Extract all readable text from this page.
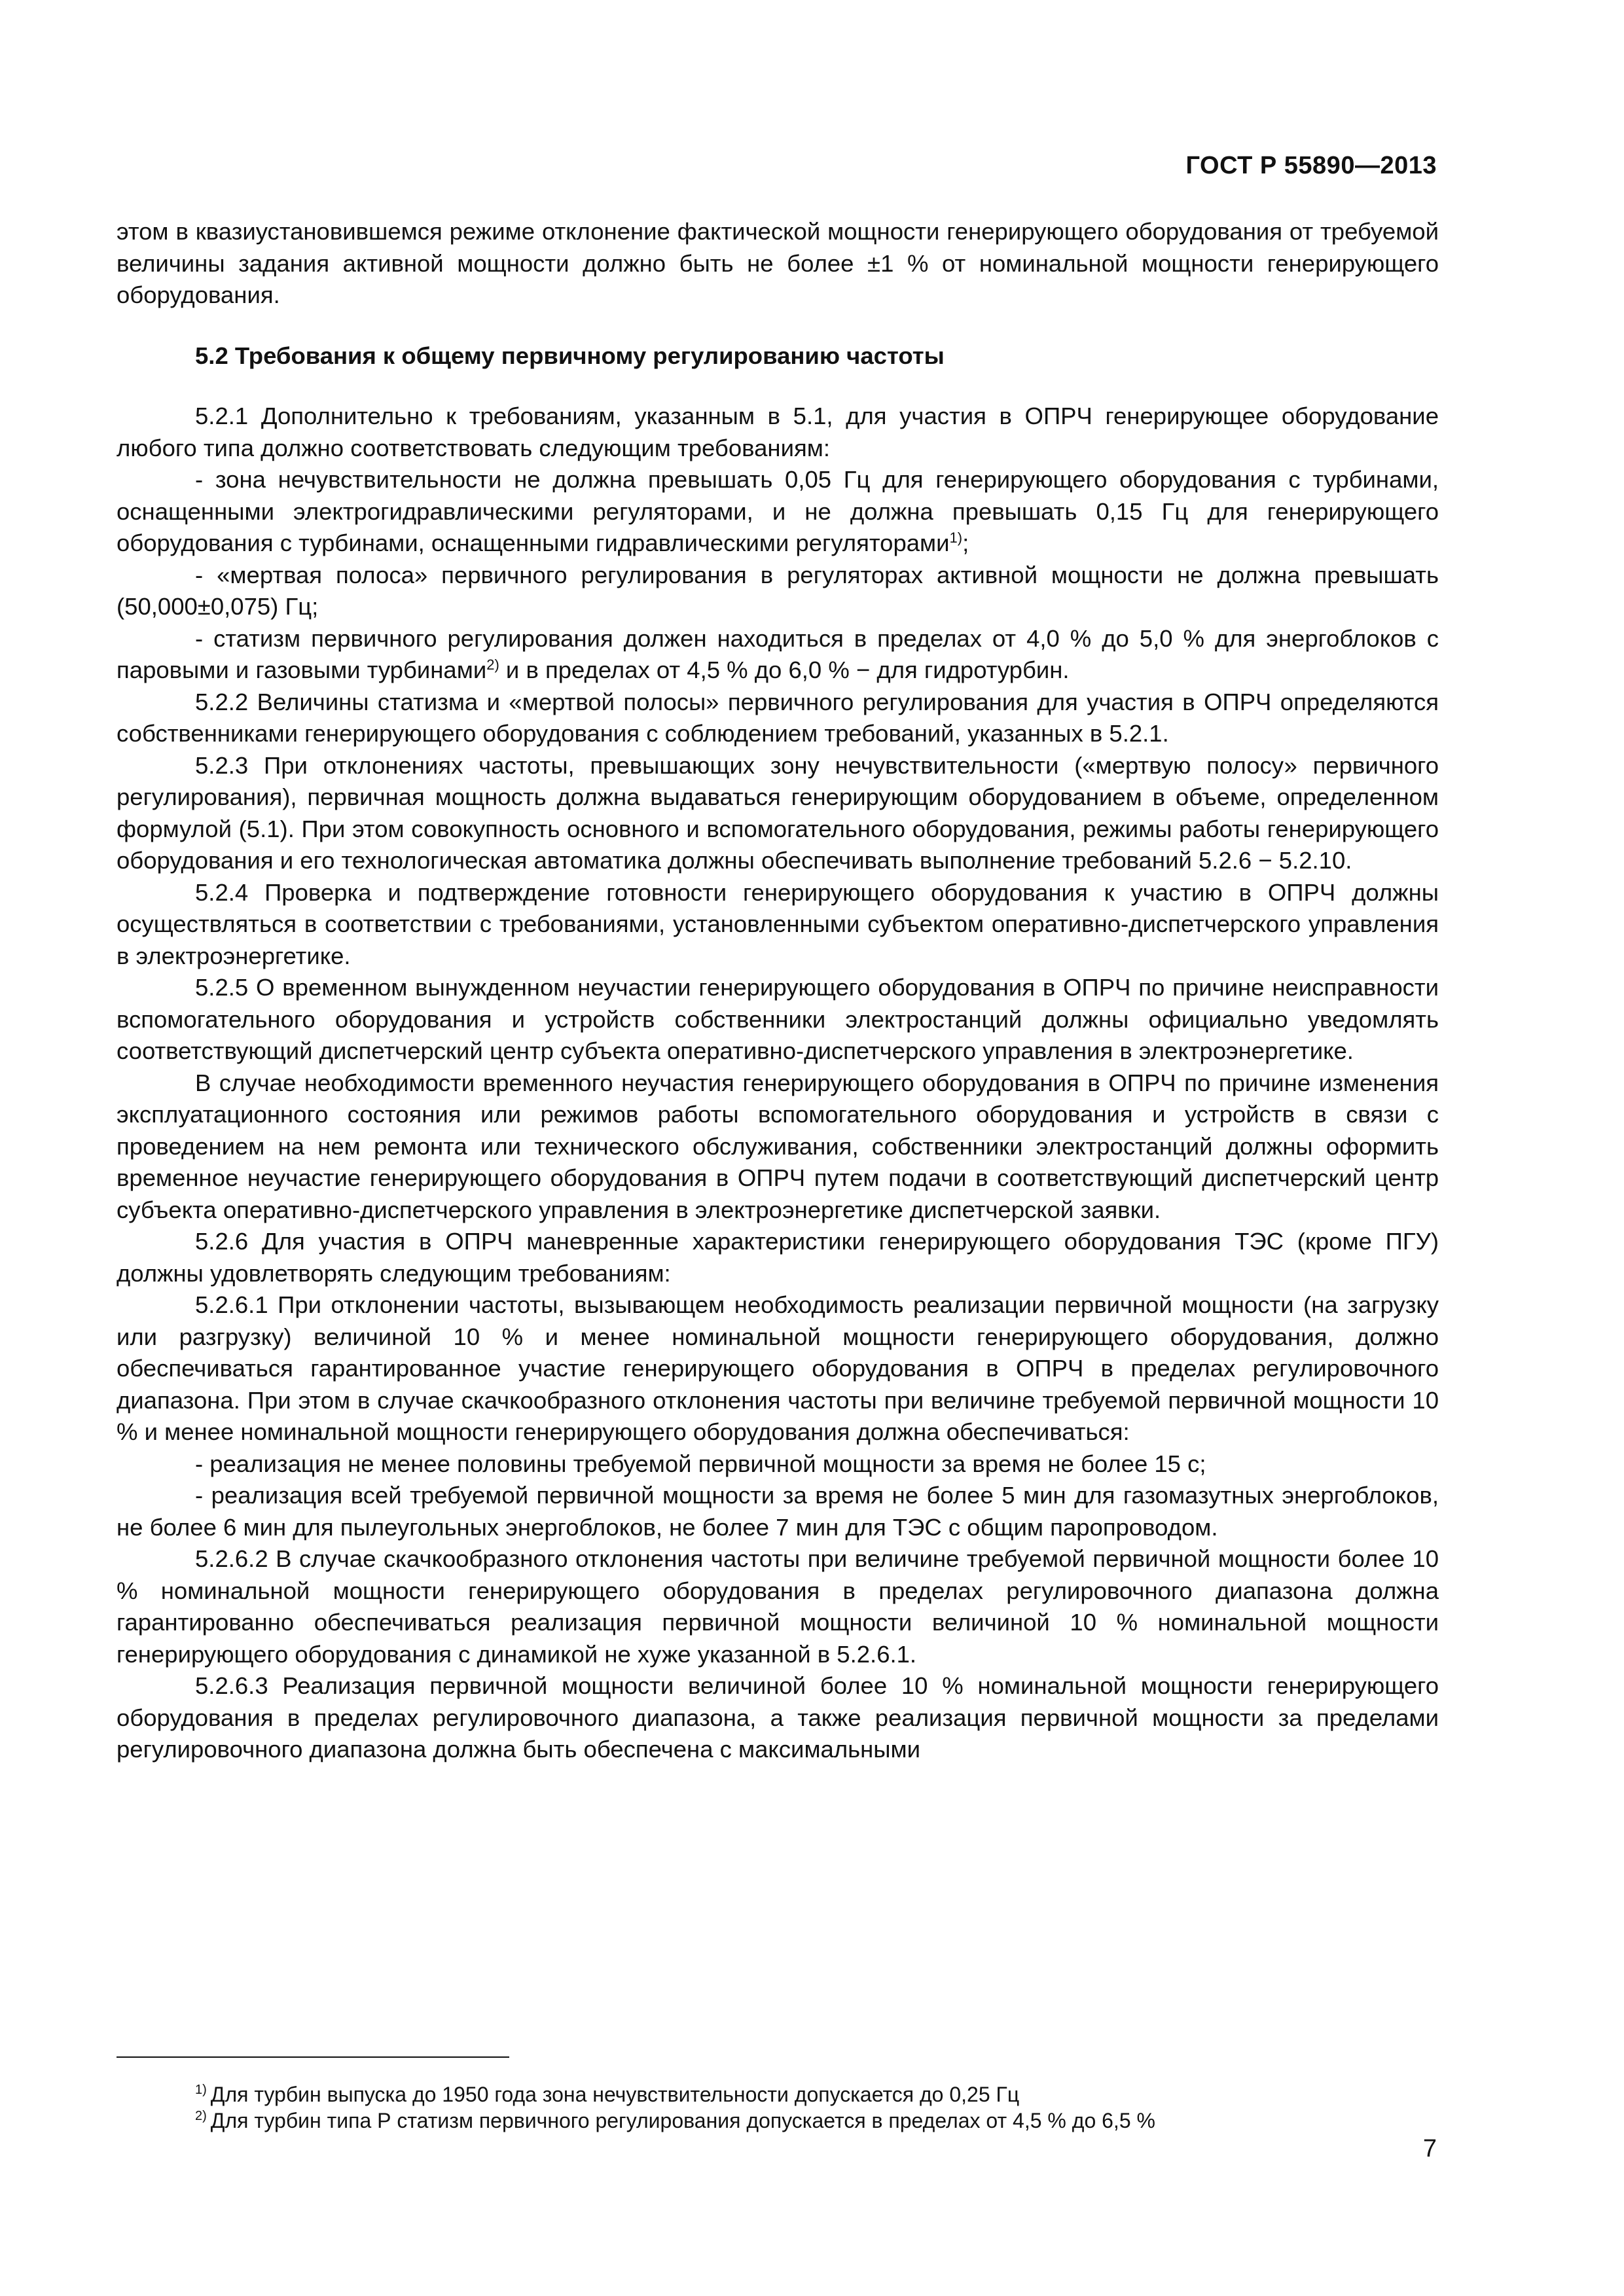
ГОСТ Р 55890—2013

этом в квазиустановившемся режиме отклонение фактической мощности генерирующего оборудования от требуемой величины задания активной мощности должно быть не более ±1 % от номинальной мощности генерирующего оборудования.

5.2 Требования к общему первичному регулированию частоты

5.2.1 Дополнительно к требованиям, указанным в 5.1, для участия в ОПРЧ генерирующее оборудование любого типа должно соответствовать следующим требованиям:

- зона нечувствительности не должна превышать 0,05 Гц для генерирующего оборудования с турбинами, оснащенными электрогидравлическими регуляторами, и не должна превышать 0,15 Гц для генерирующего оборудования с турбинами, оснащенными гидравлическими регуляторами$^{1)}$;

- «мертвая полоса» первичного регулирования в регуляторах активной мощности не должна превышать (50,000±0,075) Гц;

- статизм первичного регулирования должен находиться в пределах от 4,0 % до 5,0 % для энергоблоков с паровыми и газовыми турбинами$^{2)}$ и в пределах от 4,5 % до 6,0 % − для гидротурбин.

5.2.2 Величины статизма и «мертвой полосы» первичного регулирования для участия в ОПРЧ определяются собственниками генерирующего оборудования с соблюдением требований, указанных в 5.2.1.

5.2.3 При отклонениях частоты, превышающих зону нечувствительности («мертвую полосу» первичного регулирования), первичная мощность должна выдаваться генерирующим оборудованием в объеме, определенном формулой (5.1). При этом совокупность основного и вспомогательного оборудования, режимы работы генерирующего оборудования и его технологическая автоматика должны обеспечивать выполнение требований 5.2.6 − 5.2.10.

5.2.4 Проверка и подтверждение готовности генерирующего оборудования к участию в ОПРЧ должны осуществляться в соответствии с требованиями, установленными субъектом оперативно-диспетчерского управления в электроэнергетике.

5.2.5 О временном вынужденном неучастии генерирующего оборудования в ОПРЧ по причине неисправности вспомогательного оборудования и устройств собственники электростанций должны официально уведомлять соответствующий диспетчерский центр субъекта оперативно-диспетчерского управления в электроэнергетике.

В случае необходимости временного неучастия генерирующего оборудования в ОПРЧ по причине изменения эксплуатационного состояния или режимов работы вспомогательного оборудования и устройств в связи с проведением на нем ремонта или технического обслуживания, собственники электростанций должны оформить временное неучастие генерирующего оборудования в ОПРЧ путем подачи в соответствующий диспетчерский центр субъекта оперативно-диспетчерского управления в электроэнергетике диспетчерской заявки.

5.2.6 Для участия в ОПРЧ маневренные характеристики генерирующего оборудования ТЭС (кроме ПГУ) должны удовлетворять следующим требованиям:

5.2.6.1 При отклонении частоты, вызывающем необходимость реализации первичной мощности (на загрузку или разгрузку) величиной 10 % и менее номинальной мощности генерирующего оборудования, должно обеспечиваться гарантированное участие генерирующего оборудования в ОПРЧ в пределах регулировочного диапазона. При этом в случае скачкообразного отклонения частоты при величине требуемой первичной мощности 10 % и менее номинальной мощности генерирующего оборудования должна обеспечиваться:

- реализация не менее половины требуемой первичной мощности за время не более 15 с;

- реализация всей требуемой первичной мощности за время не более 5 мин для газомазутных энергоблоков, не более 6 мин для пылеугольных энергоблоков, не более 7 мин для ТЭС с общим паропроводом.

5.2.6.2 В случае скачкообразного отклонения частоты при величине требуемой первичной мощности более 10 % номинальной мощности генерирующего оборудования в пределах регулировочного диапазона должна гарантированно обеспечиваться реализация первичной мощности величиной 10 % номинальной мощности генерирующего оборудования с динамикой не хуже указанной в 5.2.6.1.

5.2.6.3 Реализация первичной мощности величиной более 10 % номинальной мощности генерирующего оборудования в пределах регулировочного диапазона, а также реализация первичной мощности за пределами регулировочного диапазона должна быть обеспечена с максимальными

$^{1)}$ Для турбин выпуска до 1950 года зона нечувствительности допускается до 0,25 Гц

$^{2)}$ Для турбин типа Р статизм первичного регулирования допускается в пределах от 4,5 % до 6,5 %

7
